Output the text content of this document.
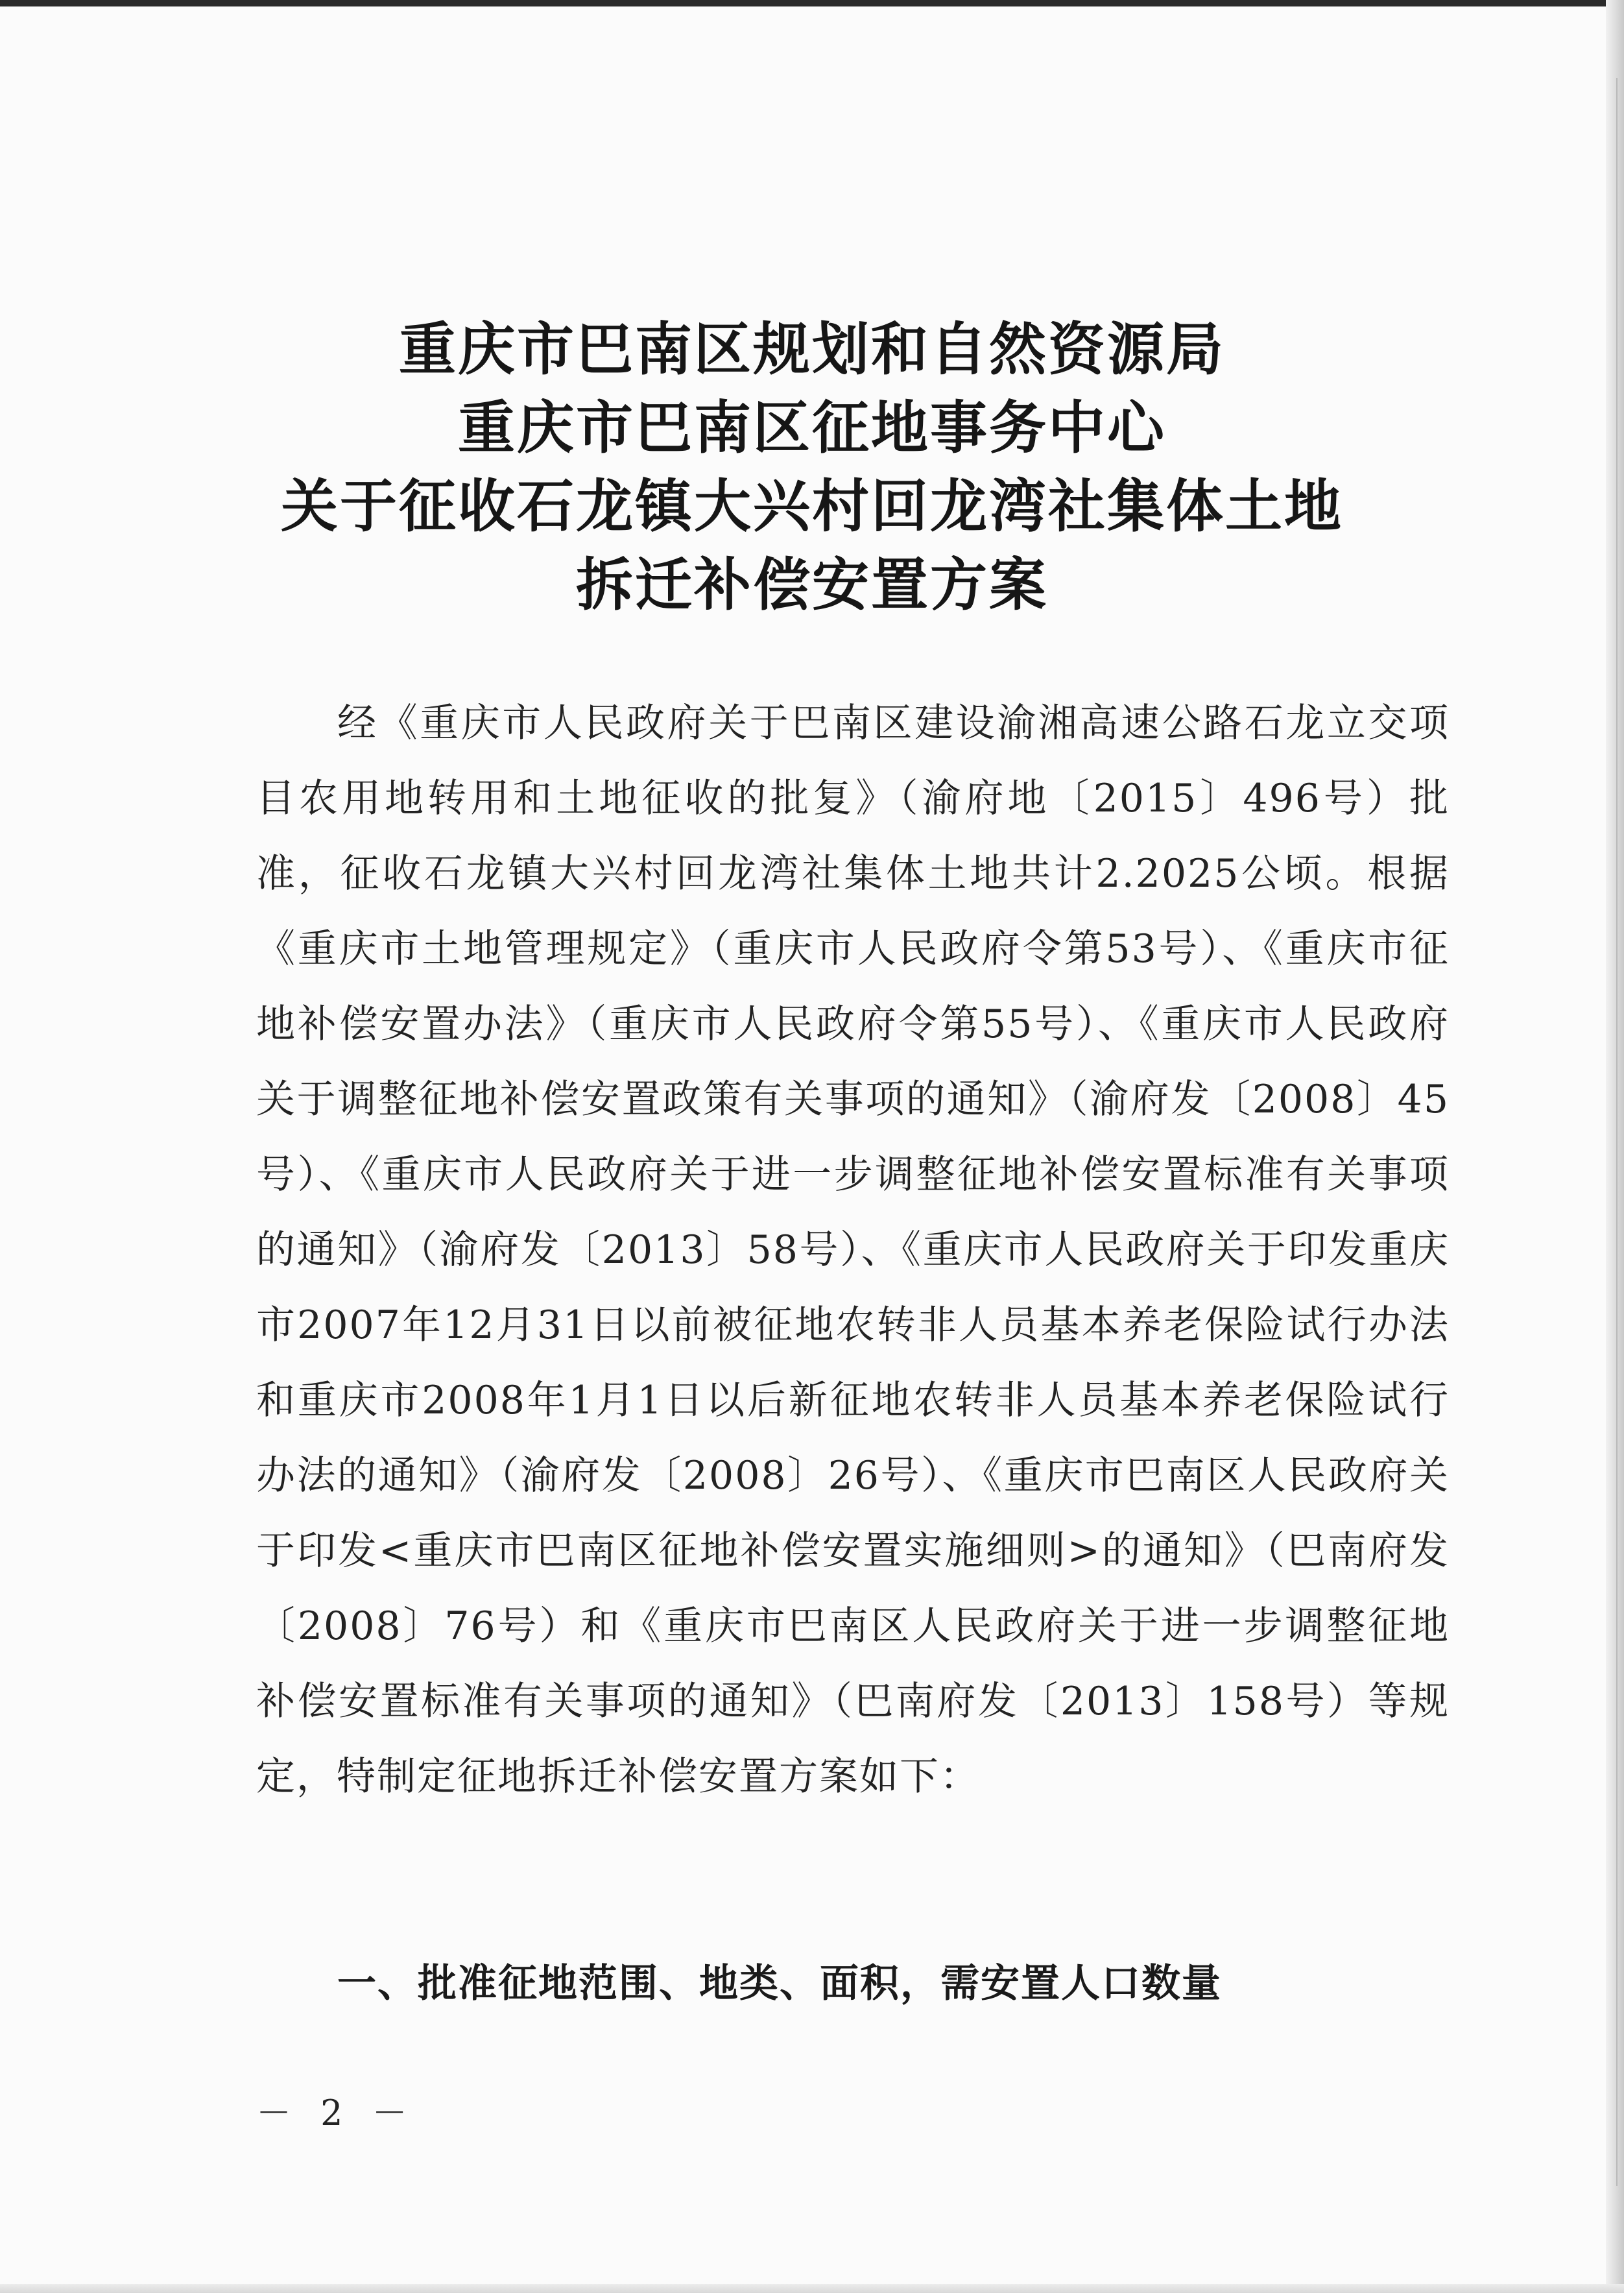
重庆市巴南区规划和自然资源局
重庆市巴南区征地事务中心
关于征收石龙镇大兴村回龙湾社集体土地
拆迁补偿安置方案

经《重庆市人民政府关于巴南区建设渝湘高速公路石龙立交项目农用地转用和土地征收的批复》（渝府地〔2015〕496号）批准，征收石龙镇大兴村回龙湾社集体土地共计2.2025公顷。根据《重庆市土地管理规定》（重庆市人民政府令第53号）、《重庆市征地补偿安置办法》（重庆市人民政府令第55号）、《重庆市人民政府关于调整征地补偿安置政策有关事项的通知》（渝府发〔2008〕45号）、《重庆市人民政府关于进一步调整征地补偿安置标准有关事项的通知》（渝府发〔2013〕58号）、《重庆市人民政府关于印发重庆市2007年12月31日以前被征地农转非人员基本养老保险试行办法和重庆市2008年1月1日以后新征地农转非人员基本养老保险试行办法的通知》（渝府发〔2008〕26号）、《重庆市巴南区人民政府关于印发<重庆市巴南区征地补偿安置实施细则>的通知》（巴南府发〔2008〕76号）和《重庆市巴南区人民政府关于进一步调整征地补偿安置标准有关事项的通知》（巴南府发〔2013〕158号）等规定，特制定征地拆迁补偿安置方案如下：

一、批准征地范围、地类、面积，需安置人口数量

－ 2 －
